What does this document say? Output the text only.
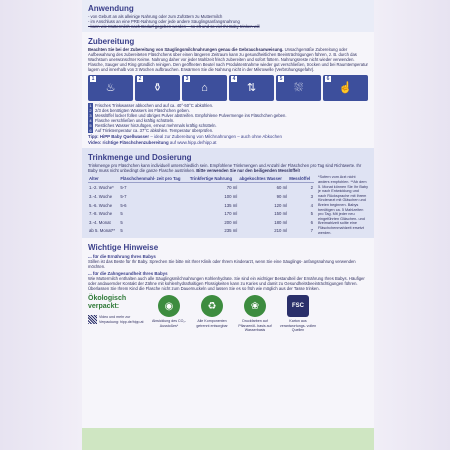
Anwendung
- von Geburt an als alleinige Nahrung oder zum Zufüttern zu Muttermilch
- im Anschluss an eine PRE-Nahrung oder jede andere Säuglingsanfangsnahrung
- kann wie Muttermilch nach Bedarf gegeben werden – so oft und so viel Ihr Baby trinken will
Zubereitung
Beachten Sie bei der Zubereitung von Säuglingsmilchnahrungen genau die Gebrauchsanweisung. Unsachgemäße Zubereitung oder Aufbewahrung des zubereiteten Fläschchens über einen längeren Zeitraum kann zu gesundheitlichen Beeinträchtigungen führen, z. B. durch das Wachstum unerwünschter Keime. Nahrung daher vor jeder Mahlzeit frisch zubereiten und sofort füttern. Nahrungsreste nicht wieder verwenden. Flasche, Sauger und Ring gründlich reinigen. Den geöffneten Beutel nach Produktentnahme wieder gut verschließen, trocken und bei Raumtemperatur lagern und innerhalb von 3 Wochen aufbrauchen. Erwärmen Sie die Nahrung nicht in der Mikrowelle (Verbrühungsgefahr).
1
♨
2
⚱
3
⌂
4
⇅
5
⛆
6
☝
1 Frisches Trinkwasser abkochen und auf ca. 40°-50°C abkühlen.
2 2/3 des benötigten Wassers ins Fläschchen geben.
3 Messlöffel locker füllen und übriges Pulver abstreifen. Empfohlene Pulvermenge ins Fläschchen geben.
4 Flasche verschließen und kräftig schütteln.
5 Restliches Wasser hinzufügen, erneut mehrmals kräftig schütteln.
6 Auf Trinktemperatur ca. 37°C abkühlen. Temperatur überprüfen.
Tipp: HiPP Baby Quellwasser – ideal zur Zubereitung von Milchnahrungen – auch ohne Abkochen
Video: richtige Fläschchenzubereitung auf www.hipp.de/hipp.at
Trinkmenge und Dosierung
Trinkmenge pro Fläschchen kann individuell unterschiedlich sein. Empfohlene Trinkmengen und Anzahl der Fläschchen pro Tag sind Richtwerte. Ihr Baby muss nicht unbedingt die ganze Flasche austrinken. Bitte verwenden Sie nur den beiligenden Messlöffel!
Alter	Fläschchenmahl- zeit pro Tag	Trinkfertige Nahrung	abgekochtes Wasser	Messlöffel
1.-2. Woche*	5-7	70 ml	60 ml	2
3.-4. Woche	5-7	100 ml	90 ml	3
5.-6. Woche	5-6	135 ml	120 ml	4
7.-8. Woche	5	170 ml	150 ml	5
3.-4. Monat	5	200 ml	180 ml	6
ab 5. Monat**	5	235 ml	210 ml	7
*Sofern vom Arzt nicht anders empfohlen. **Ab dem 5. Monat können Sie Ihr Baby je nach Entwicklung und nach Rücksprache mit Ihrem Kinderarzt mit Gläschen und Breien beginnen. Babys benötigen ca. 5 Mahlzeiten pro Tag. Mit jeder neu eingeführten Gläschen- und Breimahlzeit sollte eine Fläschchenmahlzeit ersetzt werden.
Wichtige Hinweise
... für die Ernährung Ihres Babys
Stillen ist das Beste für Ihr Baby. Sprechen Sie bitte mit Ihrer Klinik oder Ihrem Kinderarzt, wenn Sie eine Säuglings- anfangsnahrung verwenden möchten.
... für die Zahngesundheit Ihres Babys
Wie Muttermilch enthalten auch alle Säuglingsmilchnahrungen Kohlenhydrate. Sie sind ein wichtiger Bestandteil der Ernährung Ihres Babys. Häufiger oder andauernder Kontakt der Zähne mit kohlenhydrathaltigen Flüssigkeiten kann zu Karies und damit zu Gesundheitsbeeinträchtigungen führen. Überlassen Sie Ihrem Kind die Flasche nicht zum Dauernuckeln und lassen Sie es so früh wie möglich aus der Tasse trinken.
Ökologisch
verpackt:
Video und mehr zur Verpackung: hipp.de/hipp.at
◉
Abwicklung des CO₂-Ausstoßes*
♻
Alle Komponenten getrennt entsorgbar
❀
Druckfarben auf Pflanzenöl- basis auf Wasserbasis
FSC
Karton aus verantwortungs- vollen Quellen
